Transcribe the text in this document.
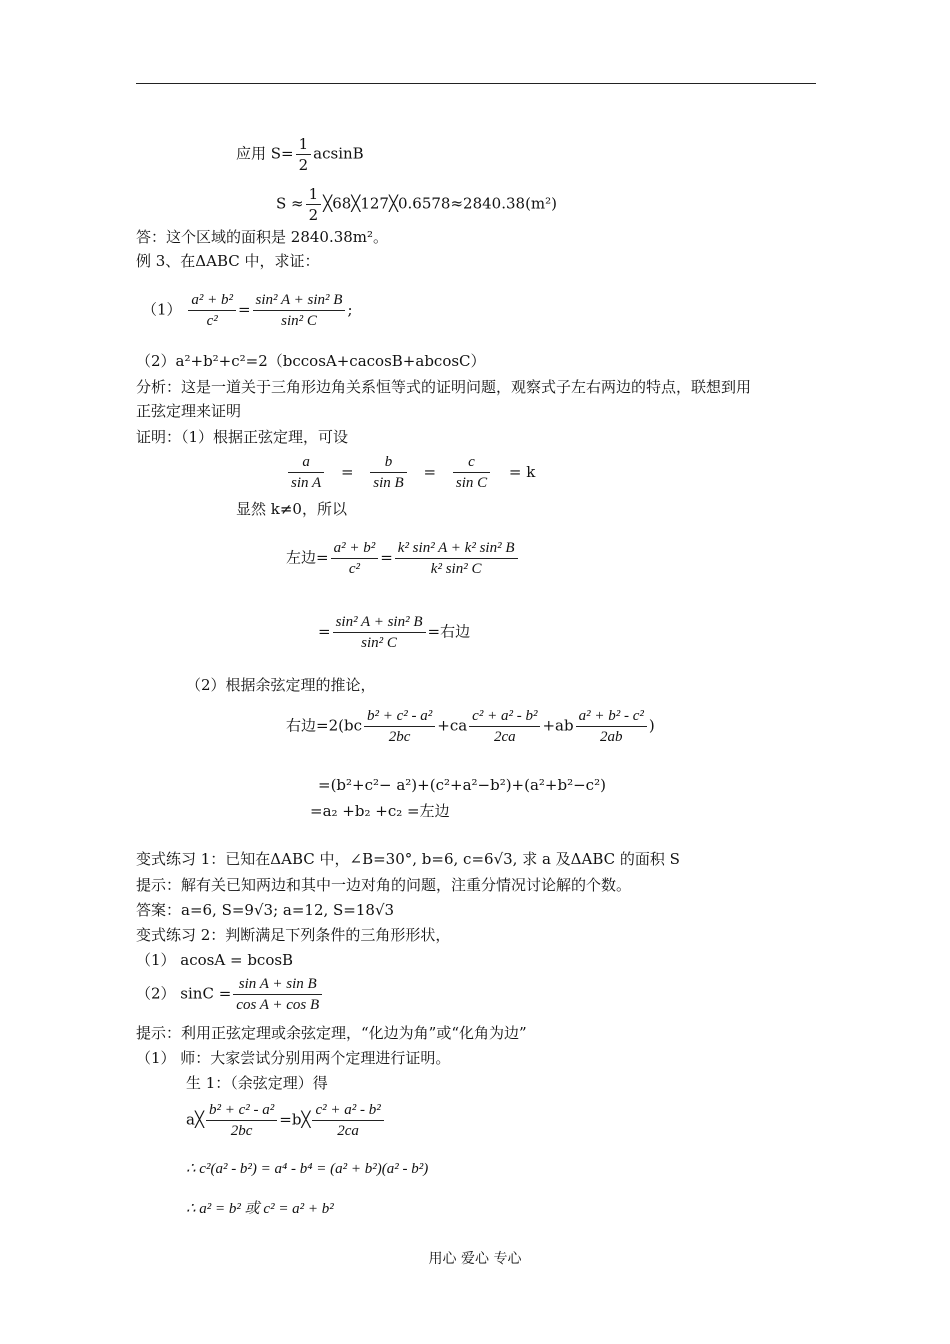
应用 $S= \frac{1}{2}$ acsinB
$S \approx \frac{1}{2}$ ╳68╳127╳0.6578≈2840.38(m²)
答：这个区域的面积是 2840.38m²。
例 3、在ΔABC 中，求证：
$(1) \frac{\text{a² + b²}}{\text{c²}} = \frac{\text{sin² A + sin² B}}{\text{sin² C}}$ ;
（2）a²+b²+c²=2（bccosA+cacosB+abcosC）
分析：这是一道关于三角形边角关系恒等式的证明问题，观察式子左右两边的特点，联想到用
正弦定理来证明
证明：（1）根据正弦定理，可设
$\frac{a}{\text{sin A}} = \frac{b}{\text{sin B}} = \frac{c}{\text{sin C}} = k$
显然 k≠0，所以
左边= $\frac{\text{a² + b²}}{\text{c²}} = \frac{\text{k² sin² A + k² sin² B}}{\text{k² sin² C}}$
= $\frac{\text{sin² A + sin² B}}{\text{sin² C}}$ =右边
（2）根据余弦定理的推论，
右边$=2(bc \frac{\text{b² + c² - a²}}{2bc} +ca \frac{\text{c² + a² - b²}}{2ca} +ab \frac{\text{a² + b² - c²}}{2ab}$ )
=(b²+c²− a²)+(c²+a²−b²)+(a²+b²−c²)
=a₂ +b₂ +c₂ =左边
变式练习 1：已知在ΔABC 中，∠B=30°, b=6, c=6√3, 求 a 及ΔABC 的面积 S
提示：解有关已知两边和其中一边对角的问题，注重分情况讨论解的个数。
答案：a=6, S=9√3; a=12, S=18√3
变式练习 2：判断满足下列条件的三角形形状，
（1） acosA = bcosB
（2） $\sin C = \frac{\text{sin A + sin B}}{\text{cos A + cos B}}$
提示：利用正弦定理或余弦定理，“化边为角”或“化角为边”
（1） 师：大家尝试分别用两个定理进行证明。
生 1：（余弦定理）得
a╳ $\frac{\text{b² + c² - a²}}{2bc}$ =b╳ $\frac{\text{c² + a² - b²}}{2ca}$
∴ c²(a² - b²) = a⁴ - b⁴ = (a² + b²)(a² - b²)
∴ a² = b² 或 c² = a² + b²
用心 爱心 专心
